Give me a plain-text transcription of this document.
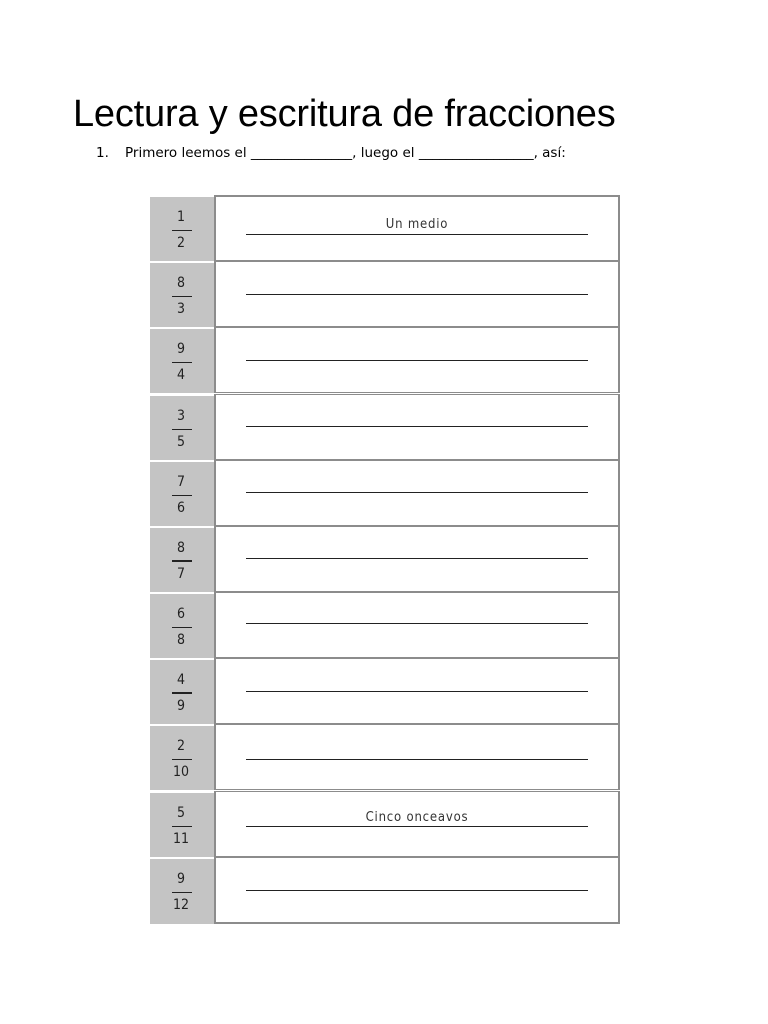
Lectura y escritura de fracciones
1. Primero leemos el _______________, luego el _________________, así:
1
2
Un medio
8
3
9
4
3
5
7
6
8
7
6
8
4
9
2
10
5
11
Cinco onceavos
9
12
